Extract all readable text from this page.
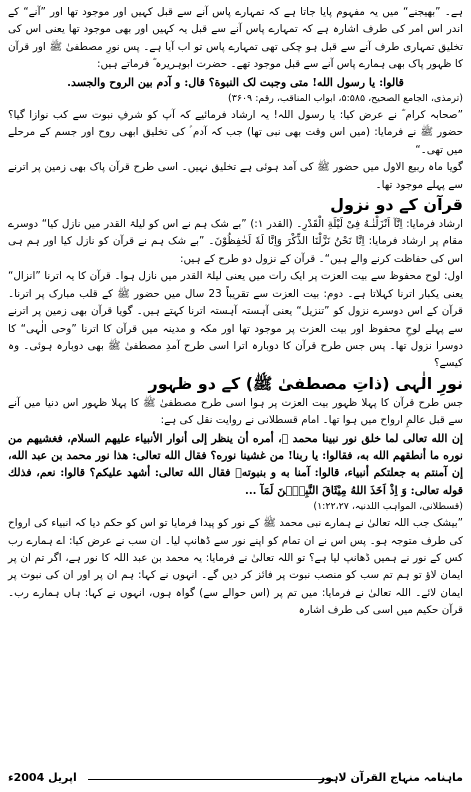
ہے۔ ”بھیجنے“ میں یہ مفہوم پایا جاتا ہے کہ تمہارے پاس آنے سے قبل کہیں اور موجود تھا اور ”آنے“ کے اندر اس امر کی طرف اشارہ ہے کہ تمہارے پاس آنے سے قبل یہ کہیں اور بھی موجود تھا یعنی اس کی تخلیق تمہاری طرف آنے سے قبل ہو چکی تھی تمہارے پاس تو اب آیا ہے۔ پس نورِ مصطفیٰ ﷺ اور قرآن کا ظہور پاک بھی ہمارے پاس آنے سے قبل موجود تھے۔ حضرت ابوہریرہ ؓ فرماتے ہیں:

قالوا: يا رسول الله! متى وجبت لک النبوة؟ قال: و آدم بين الروح والجسد.

(ترمذی، الجامع الصحیح، ۵:۵۸۵، ابواب المناقب، رقم: ۳۶۰۹)

”صحابہ کرام ؓ نے عرض کیا: یا رسول اللہ! یہ ارشاد فرمائیے کہ آپ کو شرفِ نبوت سے کب نوازا گیا؟ حضور ﷺ نے فرمایا: (میں اس وقت بھی نبی تھا) جب کہ آدم ؑ کی تخلیق ابھی روح اور جسم کے مرحلے میں تھی۔“

گویا ماہ ربیع الاول میں حضور ﷺ کی آمد ہوئی ہے تخلیق نہیں۔ اسی طرح قرآن پاک بھی زمین پر اترنے سے پہلے موجود تھا۔

قرآن کے دو نزول

ارشاد فرمایا: اِنَّآ اَنْزَلْنٰـهُ فِیْ لَیْلَةِ الْقَدْرِ۔ (القدر ۱:) ”بے شک ہم نے اس کو لیلۃ القدر میں نازل کیا“ دوسرے مقام پر ارشاد فرمایا: اِنَّا نَحْنُ نَزَّلْنَا الذِّکْرَ وَاِنَّا لَهٗ لَحٰفِظُوْنَ۔ ”بے شک ہم نے قرآن کو نازل کیا اور ہم ہی اس کی حفاظت کرنے والے ہیں“۔ قرآن کے نزول دو طرح کے ہیں:

اول: لوح محفوظ سے بیت العزت پر ایک رات میں یعنی لیلۃ القدر میں نازل ہوا۔ قرآن کا یہ اترنا ”انزال“ یعنی یکبار اترنا کہلاتا ہے۔ دوم: بیت العزت سے تقریباً 23 سال میں حضور ﷺ کے قلب مبارک پر اترنا۔ قرآن کے اس دوسرے نزول کو ”تنزیل“ یعنی آہستہ آہستہ اترنا کہتے ہیں۔ گویا قرآن بھی زمین پر اترنے سے پہلے لوحِ محفوظ اور بیت العزت پر موجود تھا اور مکہ و مدینہ میں قرآن کا اترنا ”وحی الٰہی“ کا دوسرا نزول تھا۔ پس جس طرح قرآن کا دوبارہ اترا اسی طرح آمدِ مصطفیٰ ﷺ بھی دوبارہ ہوئی۔ وہ کیسے؟

نورِ الٰہی (ذاتِ مصطفیٰ ﷺ) کے دو ظہور

جس طرح قرآن کا پہلا ظہور بیت العزت پر ہوا اسی طرح مصطفیٰ ﷺ کا پہلا ظہور اس دنیا میں آنے سے قبل عالمِ ارواح میں ہوا تھا۔ امام قسطلانی نے روایت نقل کی ہے:

إن الله تعالى لما خلق نور نبينا محمد ﷺ، أمره أن ينظر إلى أنوار الأنبياء عليهم السلام، فغشيهم من نوره ما أنطقهم الله به، فقالوا: يا ربنا! من غشينا نوره؟ فقال الله تعالى: هذا نور محمد بن عبد الله، إن آمنتم به جعلتكم أنبياء، قالوا: آمنا به و بنبوته۔ فقال الله تعالى: أشهد عليكم؟ قالوا: نعم، فذلك قوله تعالى: وَ اِذْ اَخَذَ اللهُ مِيْثَاقَ النَّبِيّٖنَ لَمَآ ...

(قسطلانی، المواہب اللدنیہ، ۱:۲۲،۲۷)

”بیشک جب اللہ تعالیٰ نے ہمارے نبی محمد ﷺ کے نور کو پیدا فرمایا تو اس کو حکم دیا کہ انبیاء کی ارواح کی طرف متوجہ ہو۔ پس اس نے ان تمام کو اپنے نور سے ڈھانپ لیا۔ ان سب نے عرض کیا: اے ہمارے رب کس کے نور نے ہمیں ڈھانپ لیا ہے؟ تو اللہ تعالیٰ نے فرمایا: یہ محمد بن عبد اللہ کا نور ہے، اگر تم ان پر ایمان لاؤ تو ہم تم سب کو منصب نبوت پر فائز کر دیں گے۔ انہوں نے کہا: ہم ان پر اور ان کی نبوت پر ایمان لائے۔ اللہ تعالیٰ نے فرمایا: میں تم پر (اس حوالے سے) گواہ ہوں، انہوں نے کہا: ہاں ہمارے رب۔ قرآن حکیم میں اسی کی طرف اشارہ

ماہنامہ منہاج القرآن لاہور
اپریل 2004ء
